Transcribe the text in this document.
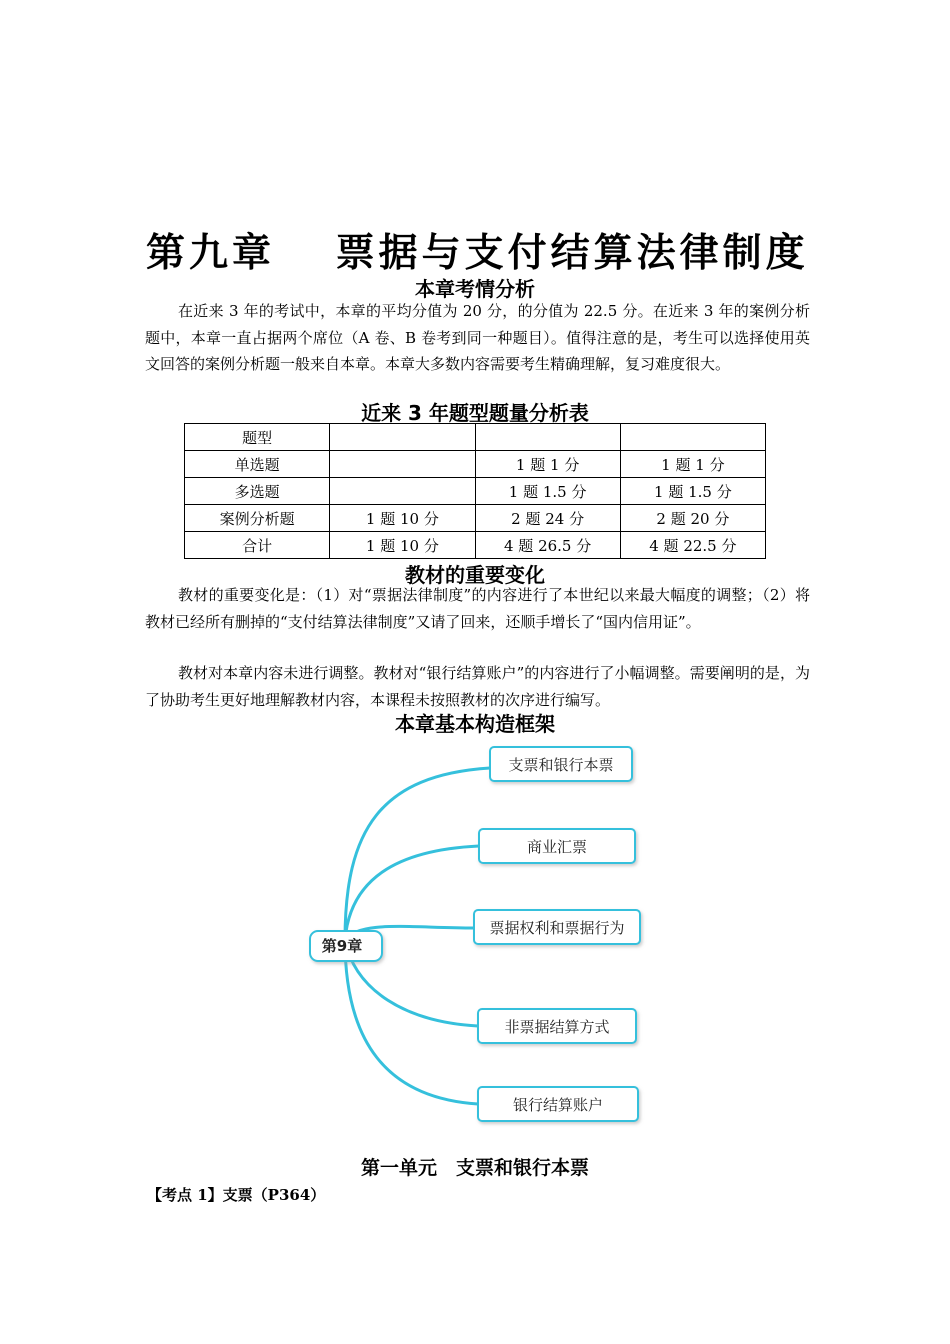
第九章　 票据与支付结算法律制度
本章考情分析

在近来 3 年的考试中，本章的平均分值为 20 分，的分值为 22.5 分。在近来 3 年的案例分析题中，本章一直占据两个席位（A 卷、B 卷考到同一种题目）。值得注意的是，考生可以选择使用英文回答的案例分析题一般来自本章。本章大多数内容需要考生精确理解，复习难度很大。

近来 3 年题型题量分析表
题型			
单选题		1 题 1 分	1 题 1 分
多选题		1 题 1.5 分	1 题 1.5 分
案例分析题	1 题 10 分	2 题 24 分	2 题 20 分
合计	1 题 10 分	4 题 26.5 分	4 题 22.5 分
教材的重要变化

教材的重要变化是：（1）对“票据法律制度”的内容进行了本世纪以来最大幅度的调整；（2）将教材已经所有删掉的“支付结算法律制度”又请了回来，还顺手增长了“国内信用证”。

教材对本章内容未进行调整。教材对“银行结算账户”的内容进行了小幅调整。需要阐明的是，为了协助考生更好地理解教材内容，本课程未按照教材的次序进行编写。

本章基本构造框架
第9章
支票和银行本票
商业汇票
票据权利和票据行为
非票据结算方式
银行结算账户
第一单元　支票和银行本票
【考点 1】支票（P364）
